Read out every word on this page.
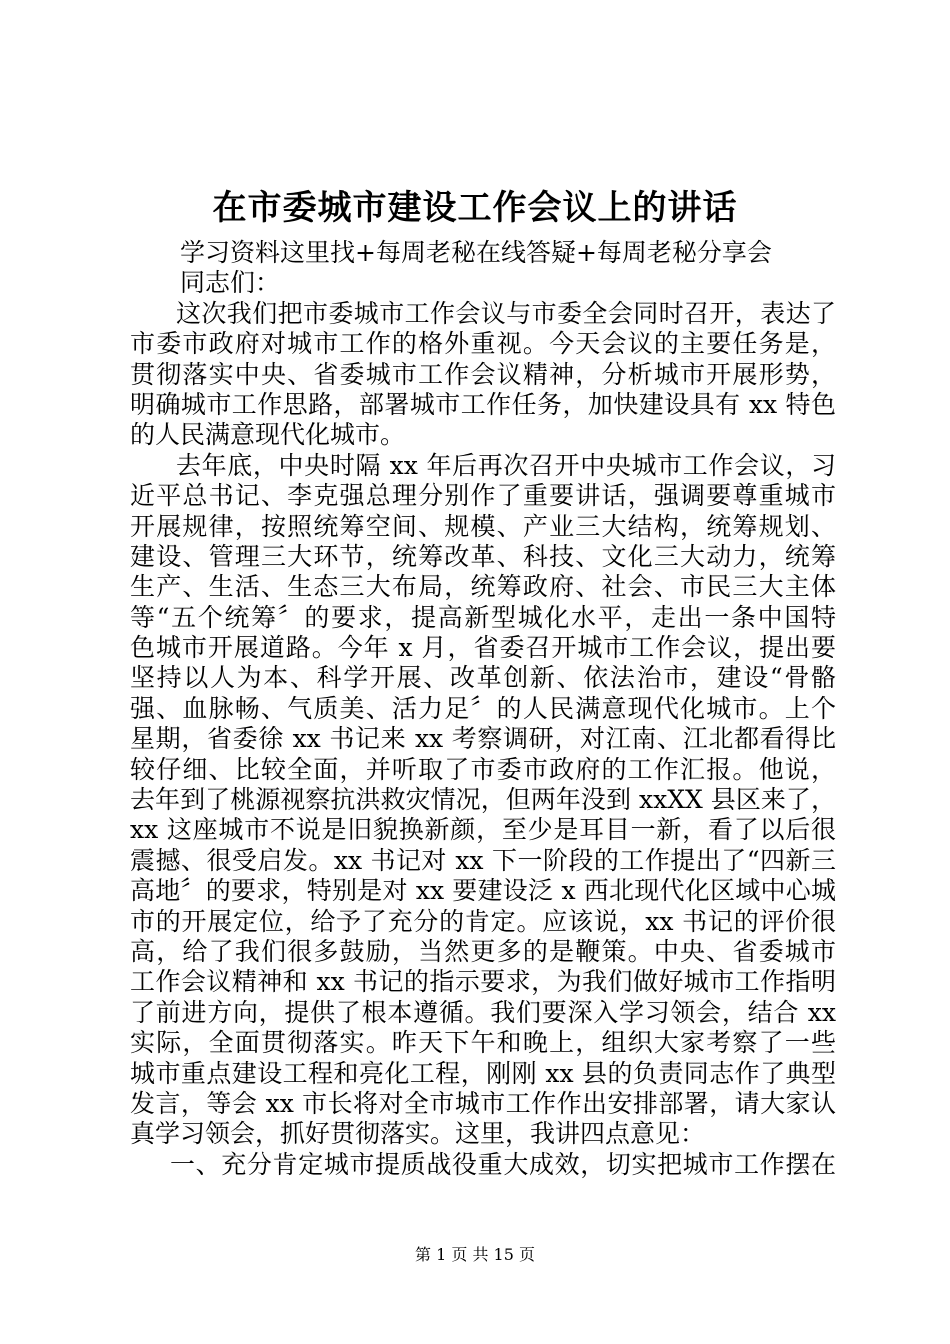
在市委城市建设工作会议上的讲话
学习资料这里找+每周老秘在线答疑+每周老秘分享会
同志们：
这次我们把市委城市工作会议与市委全会同时召开，表达了
市委市政府对城市工作的格外重视。今天会议的主要任务是，
贯彻落实中央、省委城市工作会议精神，分析城市开展形势，
明确城市工作思路，部署城市工作任务，加快建设具有 xx 特色
的人民满意现代化城市。
去年底，中央时隔 xx 年后再次召开中央城市工作会议，习
近平总书记、李克强总理分别作了重要讲话，强调要尊重城市
开展规律，按照统筹空间、规模、产业三大结构，统筹规划、
建设、管理三大环节，统筹改革、科技、文化三大动力，统筹
生产、生活、生态三大布局，统筹政府、社会、市民三大主体
等“五个统筹〞的要求，提高新型城化水平，走出一条中国特
色城市开展道路。今年 x 月，省委召开城市工作会议，提出要
坚持以人为本、科学开展、改革创新、依法治市，建设“骨骼
强、血脉畅、气质美、活力足〞的人民满意现代化城市。上个
星期，省委徐 xx 书记来 xx 考察调研，对江南、江北都看得比
较仔细、比较全面，并听取了市委市政府的工作汇报。他说，
去年到了桃源视察抗洪救灾情况，但两年没到 xxXX 县区来了，
xx 这座城市不说是旧貌换新颜，至少是耳目一新，看了以后很
震撼、很受启发。xx 书记对 xx 下一阶段的工作提出了“四新三
高地〞的要求，特别是对 xx 要建设泛 x 西北现代化区域中心城
市的开展定位，给予了充分的肯定。应该说，xx 书记的评价很
高，给了我们很多鼓励，当然更多的是鞭策。中央、省委城市
工作会议精神和 xx 书记的指示要求，为我们做好城市工作指明
了前进方向，提供了根本遵循。我们要深入学习领会，结合 xx
实际，全面贯彻落实。昨天下午和晚上，组织大家考察了一些
城市重点建设工程和亮化工程，刚刚 xx 县的负责同志作了典型
发言，等会 xx 市长将对全市城市工作作出安排部署，请大家认
真学习领会，抓好贯彻落实。这里，我讲四点意见：
一、充分肯定城市提质战役重大成效，切实把城市工作摆在
第 1 页 共 15 页
